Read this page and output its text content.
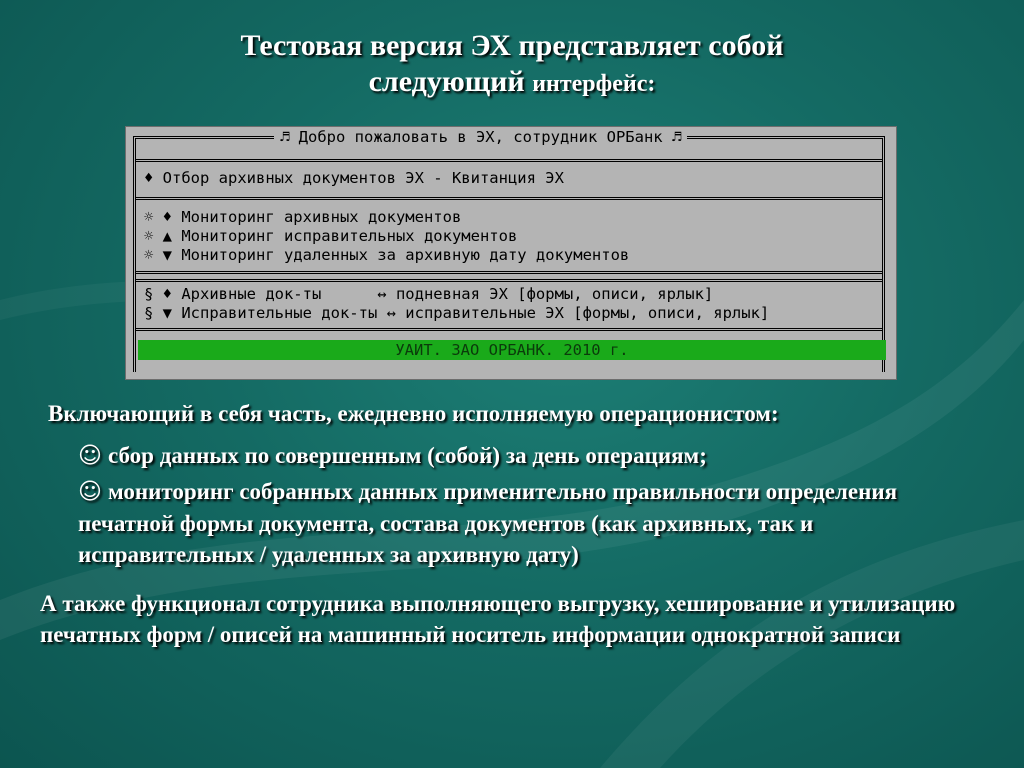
Тестовая версия ЭХ представляет собой
следующий интерфейс:
♬ Добро пожаловать в ЭХ, сотрудник ОРБанк ♬
♦ Отбор архивных документов ЭХ - Квитанция ЭХ
☼ ♦ Мониторинг архивных документов
☼ ▲ Мониторинг исправительных документов
☼ ▼ Мониторинг удаленных за архивную дату документов
§ ♦ Архивные док-ты      ↔ подневная ЭХ [формы, описи, ярлык]
§ ▼ Исправительные док-ты ↔ исправительные ЭХ [формы, описи, ярлык]
УАИТ. ЗАО ОРБАНК. 2010 г.
Включающий в себя часть, ежедневно исполняемую операционистом:
☺ сбор данных по совершенным (собой) за день операциям;
☺ мониторинг собранных данных применительно правильности определения печатной формы документа, состава документов (как архивных, так и исправительных / удаленных за архивную дату)
А также функционал сотрудника выполняющего выгрузку, хеширование и утилизацию печатных форм / описей на машинный носитель информации однократной записи
